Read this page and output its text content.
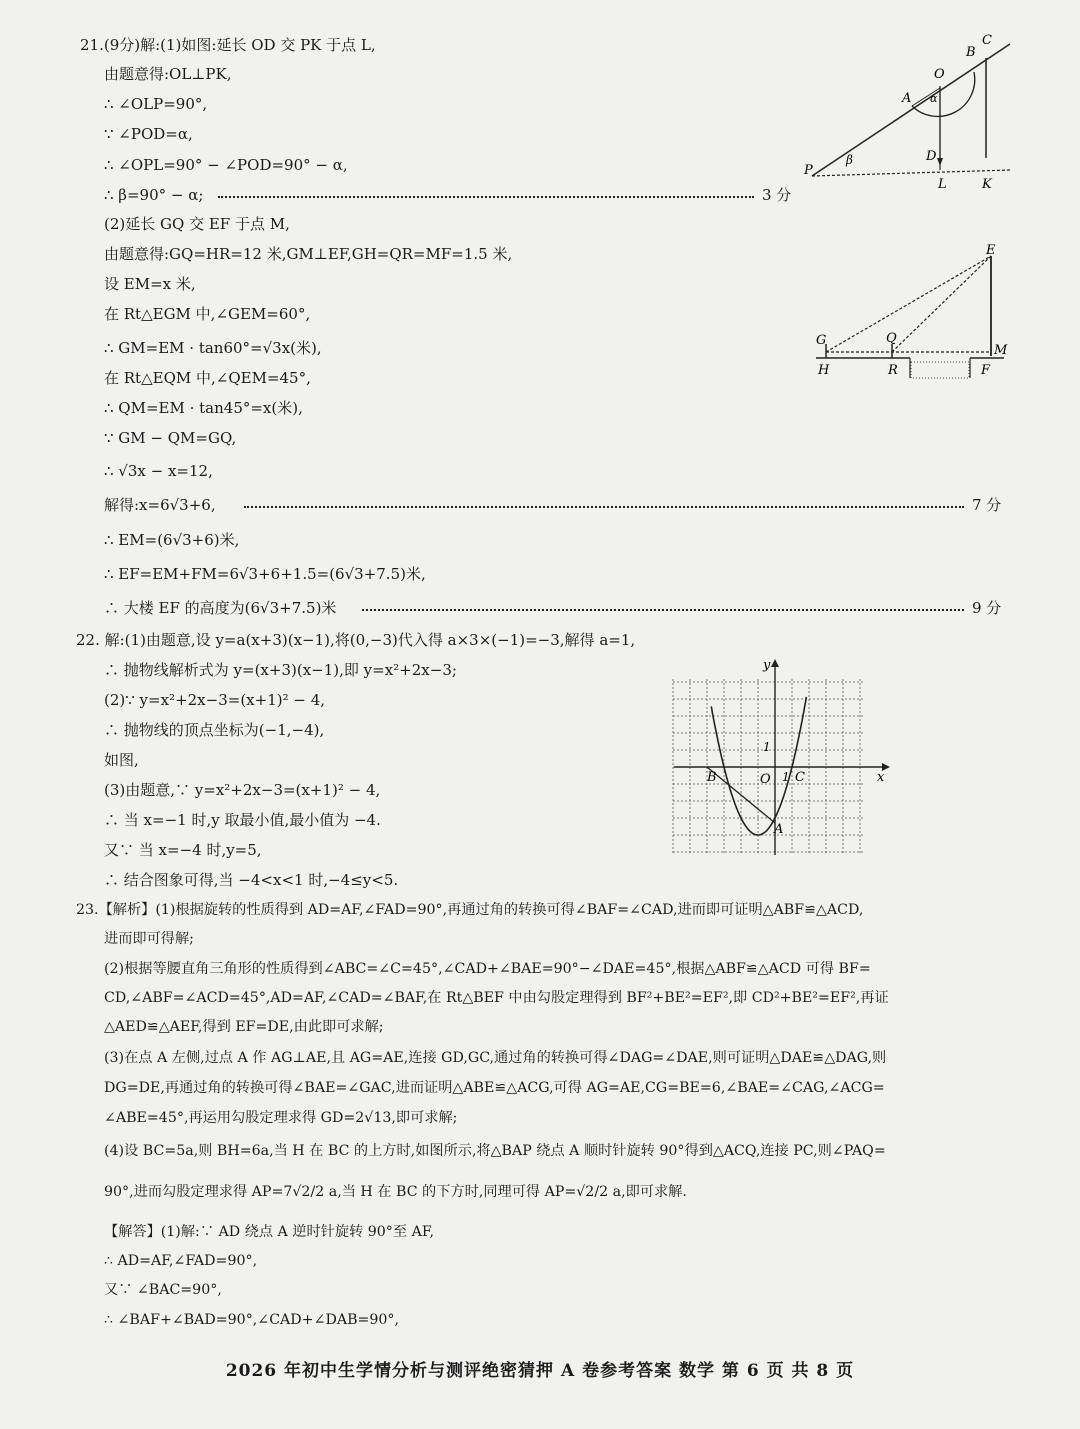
21.(9分)解:(1)如图:延长 OD 交 PK 于点 L,
由题意得:OL⊥PK,
∴ ∠OLP=90°,
∵ ∠POD=α,
∴ ∠OPL=90° − ∠POD=90° − α,
∴ β=90° − α;	3 分
(2)延长 GQ 交 EF 于点 M,
由题意得:GQ=HR=12 米,GM⊥EF,GH=QR=MF=1.5 米,
设 EM=x 米,
在 Rt△EGM 中,∠GEM=60°,
∴ GM=EM · tan60°=√3x(米),
在 Rt△EQM 中,∠QEM=45°,
∴ QM=EM · tan45°=x(米),
∵ GM − QM=GQ,
∴ √3x − x=12,
解得:x=6√3+6,	7 分
∴ EM=(6√3+6)米,
∴ EF=EM+FM=6√3+6+1.5=(6√3+7.5)米,
∴ 大楼 EF 的高度为(6√3+7.5)米	9 分
C
B
O
A α
D
P
β
L	K
E
G	Q
M
H	R	F
22. 解:(1)由题意,设 y=a(x+3)(x−1),将(0,−3)代入得 a×3×(−1)=−3,解得 a=1,
∴ 抛物线解析式为 y=(x+3)(x−1),即 y=x²+2x−3;
(2)∵ y=x²+2x−3=(x+1)² − 4,
∴ 抛物线的顶点坐标为(−1,−4),
如图,
(3)由题意,∵ y=x²+2x−3=(x+1)² − 4,
∴ 当 x=−1 时,y 取最小值,最小值为 −4.
又∵ 当 x=−4 时,y=5,
∴ 结合图象可得,当 −4<x<1 时,−4≤y<5.
y
x
O
B	C
A
1
1
23.【解析】(1)根据旋转的性质得到 AD=AF,∠FAD=90°,再通过角的转换可得∠BAF=∠CAD,进而即可证明△ABF≌△ACD,
进而即可得解;
(2)根据等腰直角三角形的性质得到∠ABC=∠C=45°,∠CAD+∠BAE=90°−∠DAE=45°,根据△ABF≌△ACD 可得 BF=
CD,∠ABF=∠ACD=45°,AD=AF,∠CAD=∠BAF,在 Rt△BEF 中由勾股定理得到 BF²+BE²=EF²,即 CD²+BE²=EF²,再证
△AED≌△AEF,得到 EF=DE,由此即可求解;
(3)在点 A 左侧,过点 A 作 AG⊥AE,且 AG=AE,连接 GD,GC,通过角的转换可得∠DAG=∠DAE,则可证明△DAE≌△DAG,则
DG=DE,再通过角的转换可得∠BAE=∠GAC,进而证明△ABE≌△ACG,可得 AG=AE,CG=BE=6,∠BAE=∠CAG,∠ACG=
∠ABE=45°,再运用勾股定理求得 GD=2√13,即可求解;
(4)设 BC=5a,则 BH=6a,当 H 在 BC 的上方时,如图所示,将△BAP 绕点 A 顺时针旋转 90°得到△ACQ,连接 PC,则∠PAQ=
90°,进而勾股定理求得 AP=7√2/2 a,当 H 在 BC 的下方时,同理可得 AP=√2/2 a,即可求解.
【解答】(1)解:∵ AD 绕点 A 逆时针旋转 90°至 AF,
∴ AD=AF,∠FAD=90°,
又∵ ∠BAC=90°,
∴ ∠BAF+∠BAD=90°,∠CAD+∠DAB=90°,
2026 年初中生学情分析与测评绝密猜押 A 卷参考答案 数学 第 6 页 共 8 页
